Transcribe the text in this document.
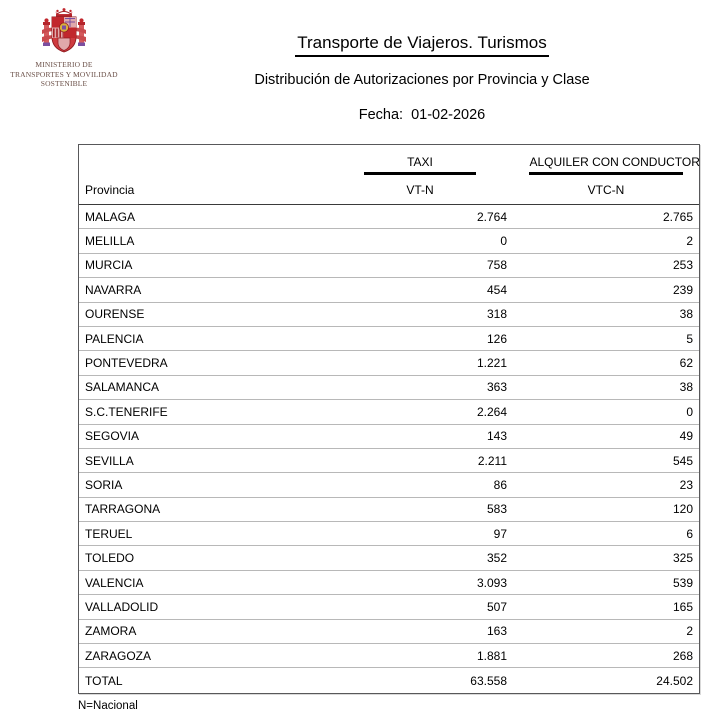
MINISTERIO DE
TRANSPORTES Y MOVILIDAD
SOSTENIBLE
Transporte de Viajeros. Turismos
Distribución de Autorizaciones por Provincia y Clase
Fecha: 01-02-2026

	TAXI	ALQUILER CON CONDUCTOR

Provincia	VT-N	VTC-N
MALAGA	2.764	2.765
MELILLA	0	2
MURCIA	758	253
NAVARRA	454	239
OURENSE	318	38
PALENCIA	126	5
PONTEVEDRA	1.221	62
SALAMANCA	363	38
S.C.TENERIFE	2.264	0
SEGOVIA	143	49
SEVILLA	2.211	545
SORIA	86	23
TARRAGONA	583	120
TERUEL	97	6
TOLEDO	352	325
VALENCIA	3.093	539
VALLADOLID	507	165
ZAMORA	163	2
ZARAGOZA	1.881	268
TOTAL	63.558	24.502
N=Nacional
